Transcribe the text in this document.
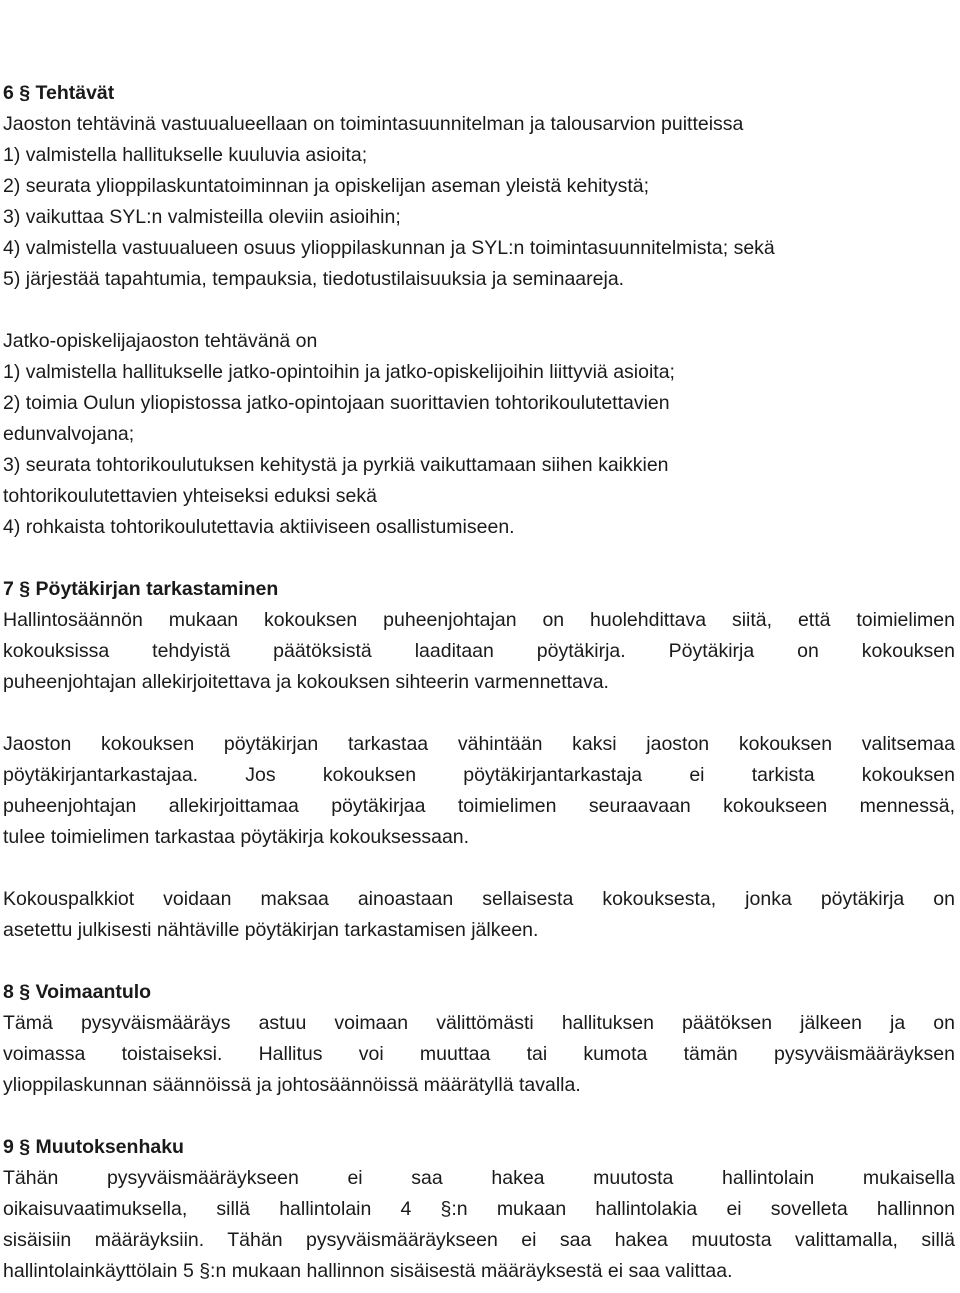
6 § Tehtävät
Jaoston tehtävinä vastuualueellaan on toimintasuunnitelman ja talousarvion puitteissa
1) valmistella hallitukselle kuuluvia asioita;
2) seurata ylioppilaskuntatoiminnan ja opiskelijan aseman yleistä kehitystä;
3) vaikuttaa SYL:n valmisteilla oleviin asioihin;
4) valmistella vastuualueen osuus ylioppilaskunnan ja SYL:n toimintasuunnitelmista; sekä
5) järjestää tapahtumia, tempauksia, tiedotustilaisuuksia ja seminaareja.
Jatko-opiskelijajaoston tehtävänä on
1) valmistella hallitukselle jatko-opintoihin ja jatko-opiskelijoihin liittyviä asioita;
2) toimia Oulun yliopistossa jatko-opintojaan suorittavien tohtorikoulutettavien
edunvalvojana;
3) seurata tohtorikoulutuksen kehitystä ja pyrkiä vaikuttamaan siihen kaikkien
tohtorikoulutettavien yhteiseksi eduksi sekä
4) rohkaista tohtorikoulutettavia aktiiviseen osallistumiseen.
7 § Pöytäkirjan tarkastaminen
Hallintosäännön mukaan kokouksen puheenjohtajan on huolehdittava siitä, että toimielimen
kokouksissa tehdyistä päätöksistä laaditaan pöytäkirja. Pöytäkirja on kokouksen
puheenjohtajan allekirjoitettava ja kokouksen sihteerin varmennettava.
Jaoston kokouksen pöytäkirjan tarkastaa vähintään kaksi jaoston kokouksen valitsemaa
pöytäkirjantarkastajaa. Jos kokouksen pöytäkirjantarkastaja ei tarkista kokouksen
puheenjohtajan allekirjoittamaa pöytäkirjaa toimielimen seuraavaan kokoukseen mennessä,
tulee toimielimen tarkastaa pöytäkirja kokouksessaan.
Kokouspalkkiot voidaan maksaa ainoastaan sellaisesta kokouksesta, jonka pöytäkirja on
asetettu julkisesti nähtäville pöytäkirjan tarkastamisen jälkeen.
8 § Voimaantulo
Tämä pysyväismääräys astuu voimaan välittömästi hallituksen päätöksen jälkeen ja on
voimassa toistaiseksi. Hallitus voi muuttaa tai kumota tämän pysyväismääräyksen
ylioppilaskunnan säännöissä ja johtosäännöissä määrätyllä tavalla.
9 § Muutoksenhaku
Tähän pysyväismääräykseen ei saa hakea muutosta hallintolain mukaisella
oikaisuvaatimuksella, sillä hallintolain 4 §:n mukaan hallintolakia ei sovelleta hallinnon
sisäisiin määräyksiin. Tähän pysyväismääräykseen ei saa hakea muutosta valittamalla, sillä
hallintolainkäyttölain 5 §:n mukaan hallinnon sisäisestä määräyksestä ei saa valittaa.
